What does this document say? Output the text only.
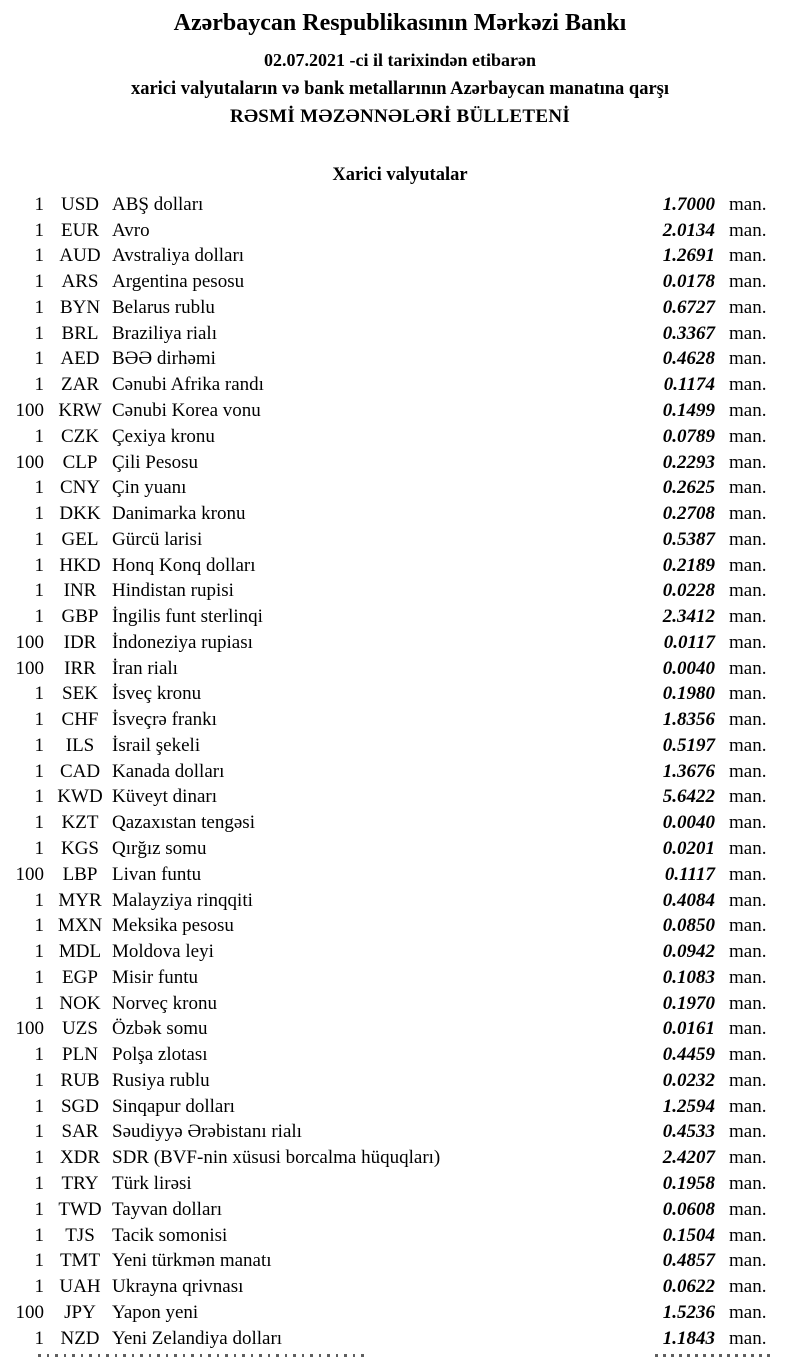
Azərbaycan Respublikasının Mərkəzi Bankı
02.07.2021 -ci il tarixindən etibarən
xarici valyutaların və bank metallarının Azərbaycan manatına qarşı
RƏSMİ MƏZƏNNƏLƏRİ BÜLLETENİ
Xarici valyutalar
1 USD ABŞ dolları	1.7000 man.
1 EUR Avro	2.0134 man.
1 AUD Avstraliya dolları	1.2691 man.
1 ARS Argentina pesosu	0.0178 man.
1 BYN Belarus rublu	0.6727 man.
1 BRL Braziliya rialı	0.3367 man.
1 AED BƏƏ dirhəmi	0.4628 man.
1 ZAR Cənubi Afrika randı	0.1174 man.
100 KRW Cənubi Korea vonu	0.1499 man.
1 CZK Çexiya kronu	0.0789 man.
100 CLP Çili Pesosu	0.2293 man.
1 CNY Çin yuanı	0.2625 man.
1 DKK Danimarka kronu	0.2708 man.
1 GEL Gürcü larisi	0.5387 man.
1 HKD Honq Konq dolları	0.2189 man.
1	INR Hindistan rupisi	0.0228 man.
1 GBP İngilis funt sterlinqi	2.3412 man.
100	IDR İndoneziya rupiası	0.0117 man.
100	IRR İran rialı	0.0040 man.
1 SEK İsveç kronu	0.1980 man.
1 CHF İsveçrə frankı	1.8356 man.
1	ILS İsrail şekeli	0.5197 man.
1 CAD Kanada dolları	1.3676 man.
1 KWD Küveyt dinarı	5.6422 man.
1 KZT Qazaxıstan tengəsi	0.0040 man.
1 KGS Qırğız somu	0.0201 man.
100 LBP Livan funtu	0.1117 man.
1 MYR Malayziya rinqqiti	0.4084 man.
1 MXN Meksika pesosu	0.0850 man.
1 MDL Moldova leyi	0.0942 man.
1 EGP Misir funtu	0.1083 man.
1 NOK Norveç kronu	0.1970 man.
100 UZS Özbək somu	0.0161 man.
1 PLN Polşa zlotası	0.4459 man.
1 RUB Rusiya rublu	0.0232 man.
1 SGD Sinqapur dolları	1.2594 man.
1 SAR Səudiyyə Ərəbistanı rialı	0.4533 man.
1 XDR SDR (BVF-nin xüsusi borcalma hüquqları)	2.4207 man.
1 TRY Türk lirəsi	0.1958 man.
1 TWD Tayvan dolları	0.0608 man.
1	TJS Tacik somonisi	0.1504 man.
1 TMT Yeni türkmən manatı	0.4857 man.
1 UAH Ukrayna qrivnası	0.0622 man.
100	JPY Yapon yeni	1.5236 man.
1 NZD Yeni Zelandiya dolları	1.1843 man.
